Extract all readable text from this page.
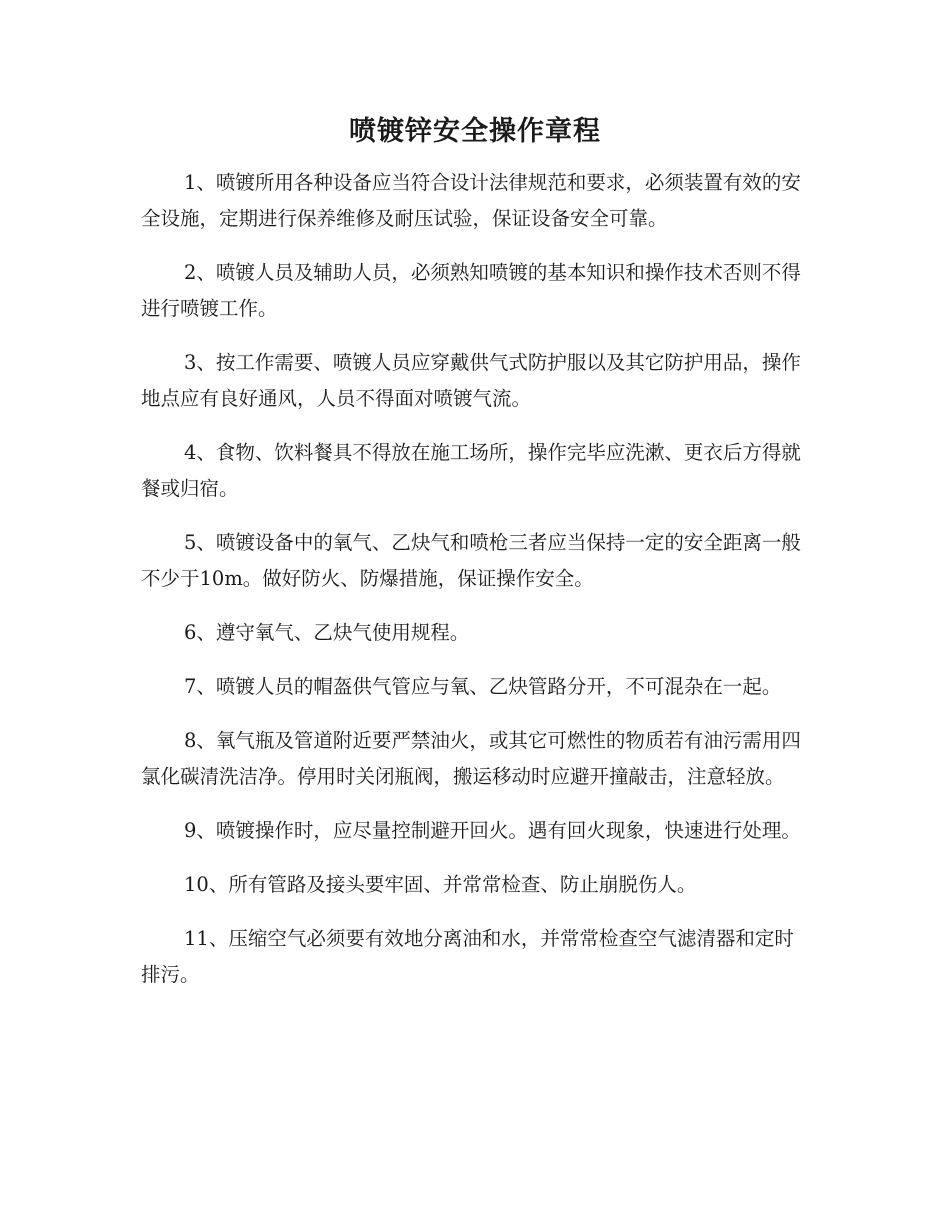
喷镀锌安全操作章程

1、喷镀所用各种设备应当符合设计法律规范和要求，必须装置有效的安全设施，定期进行保养维修及耐压试验，保证设备安全可靠。

2、喷镀人员及辅助人员，必须熟知喷镀的基本知识和操作技术否则不得进行喷镀工作。

3、按工作需要、喷镀人员应穿戴供气式防护服以及其它防护用品，操作地点应有良好通风，人员不得面对喷镀气流。

4、食物、饮料餐具不得放在施工场所，操作完毕应洗漱、更衣后方得就餐或归宿。

5、喷镀设备中的氧气、乙炔气和喷枪三者应当保持一定的安全距离一般不少于10m。做好防火、防爆措施，保证操作安全。

6、遵守氧气、乙炔气使用规程。

7、喷镀人员的帽盔供气管应与氧、乙炔管路分开，不可混杂在一起。

8、氧气瓶及管道附近要严禁油火，或其它可燃性的物质若有油污需用四氯化碳清洗洁净。停用时关闭瓶阀，搬运移动时应避开撞敲击，注意轻放。

9、喷镀操作时，应尽量控制避开回火。遇有回火现象，快速进行处理。

10、所有管路及接头要牢固、并常常检查、防止崩脱伤人。

11、压缩空气必须要有效地分离油和水，并常常检查空气滤清器和定时排污。
